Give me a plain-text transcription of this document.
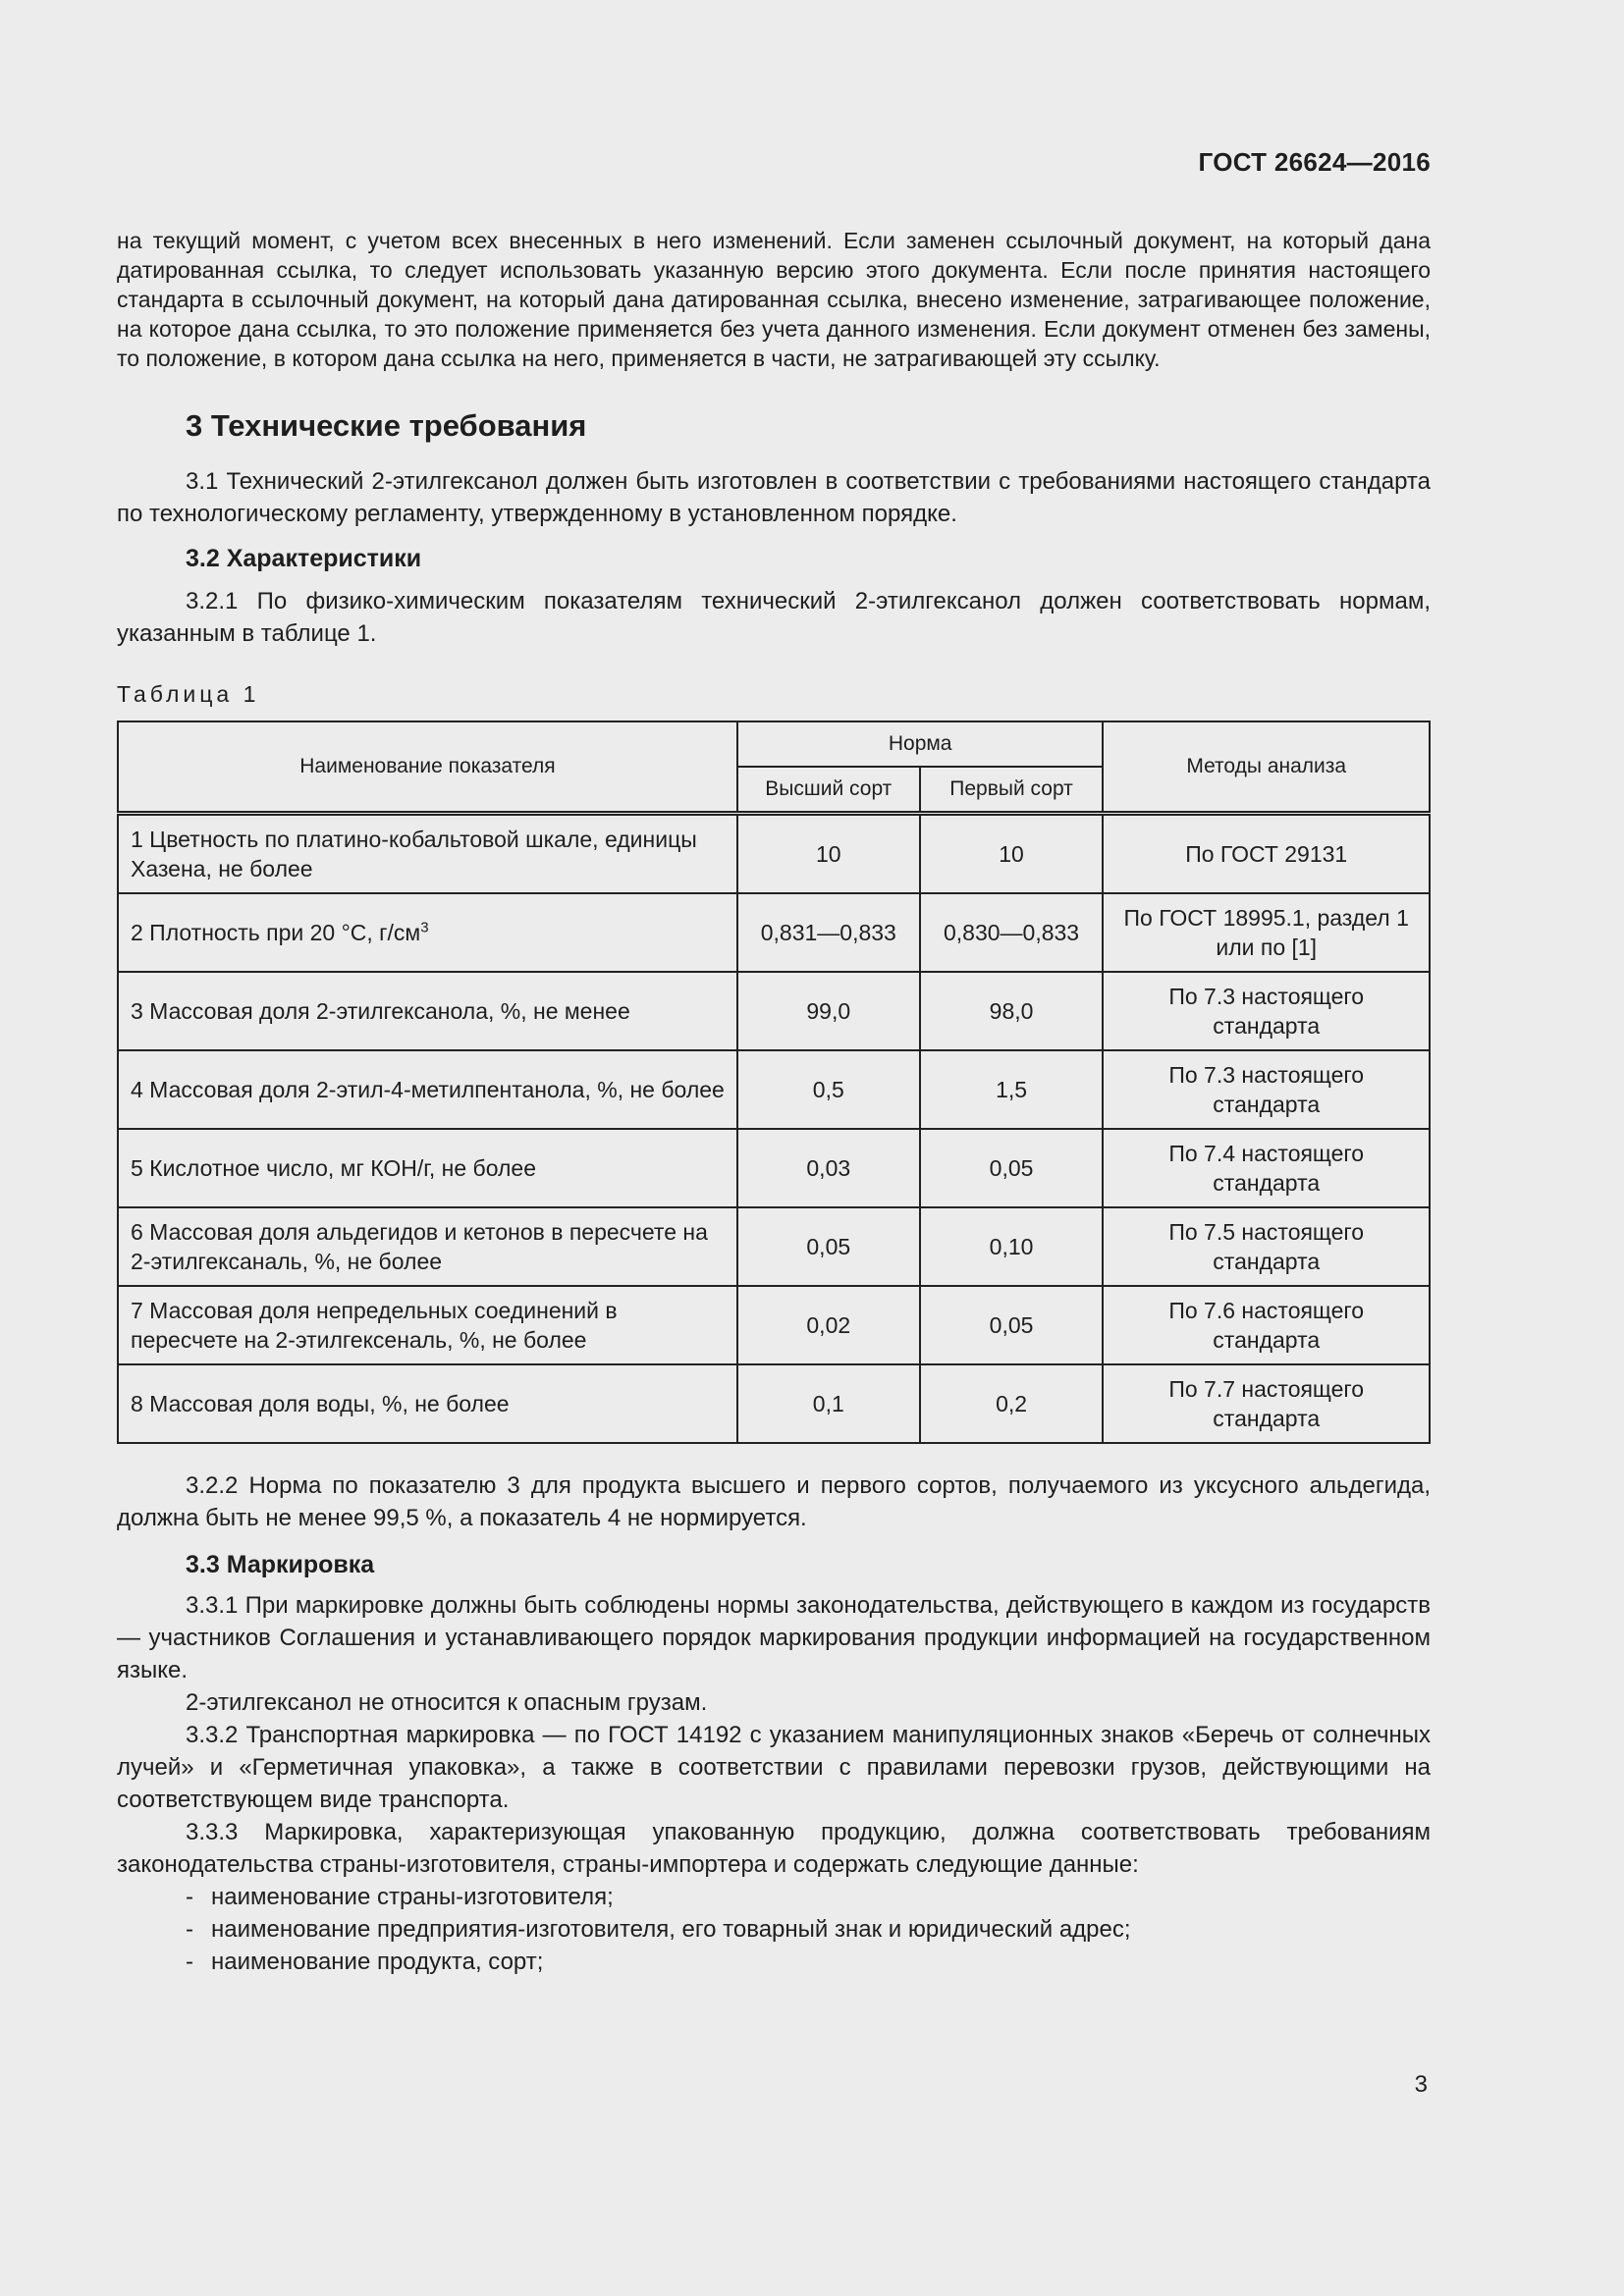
ГОСТ 26624—2016

на текущий момент, с учетом всех внесенных в него изменений. Если заменен ссылочный документ, на который дана датированная ссылка, то следует использовать указанную версию этого документа. Если после принятия настоящего стандарта в ссылочный документ, на который дана датированная ссылка, внесено изменение, затрагивающее положение, на которое дана ссылка, то это положение применяется без учета данного изменения. Если документ отменен без замены, то положение, в котором дана ссылка на него, применяется в части, не затрагивающей эту ссылку.

3 Технические требования

3.1 Технический 2-этилгексанол должен быть изготовлен в соответствии с требованиями настоящего стандарта по технологическому регламенту, утвержденному в установленном порядке.

3.2 Характеристики

3.2.1 По физико-химическим показателям технический 2-этилгексанол должен соответствовать нормам, указанным в таблице 1.

Таблица 1
Наименование показателя	Норма		Методы анализа
	Высший сорт	Первый сорт	
1 Цветность по платино-кобальтовой шкале, единицы Хазена, не более	10	10	По ГОСТ 29131
2 Плотность при 20 °С, $г/см^3$	0,831—0,833	0,830—0,833	По ГОСТ 18995.1, раздел 1 или по [1]
3 Массовая доля 2-этилгексанола, %, не менее	99,0	98,0	По 7.3 настоящего стандарта
4 Массовая доля 2-этил-4-метилпентанола, %, не более	0,5	1,5	По 7.3 настоящего стандарта
5 Кислотное число, мг КОН/г, не более	0,03	0,05	По 7.4 настоящего стандарта
6 Массовая доля альдегидов и кетонов в пересчете на 2-этилгексаналь, %, не более	0,05	0,10	По 7.5 настоящего стандарта
7 Массовая доля непредельных соединений в пересчете на 2-этилгексеналь, %, не более	0,02	0,05	По 7.6 настоящего стандарта
8 Массовая доля воды, %, не более	0,1	0,2	По 7.7 настоящего стандарта

3.2.2 Норма по показателю 3 для продукта высшего и первого сортов, получаемого из уксусного альдегида, должна быть не менее 99,5 %, а показатель 4 не нормируется.

3.3 Маркировка

3.3.1 При маркировке должны быть соблюдены нормы законодательства, действующего в каждом из государств — участников Соглашения и устанавливающего порядок маркирования продукции информацией на государственном языке.

2-этилгексанол не относится к опасным грузам.

3.3.2 Транспортная маркировка — по ГОСТ 14192 с указанием манипуляционных знаков «Беречь от солнечных лучей» и «Герметичная упаковка», а также в соответствии с правилами перевозки грузов, действующими на соответствующем виде транспорта.

3.3.3 Маркировка, характеризующая упакованную продукцию, должна соответствовать требованиям законодательства страны-изготовителя, страны-импортера и содержать следующие данные:

- наименование страны-изготовителя;
- наименование предприятия-изготовителя, его товарный знак и юридический адрес;
- наименование продукта, сорт;
3
